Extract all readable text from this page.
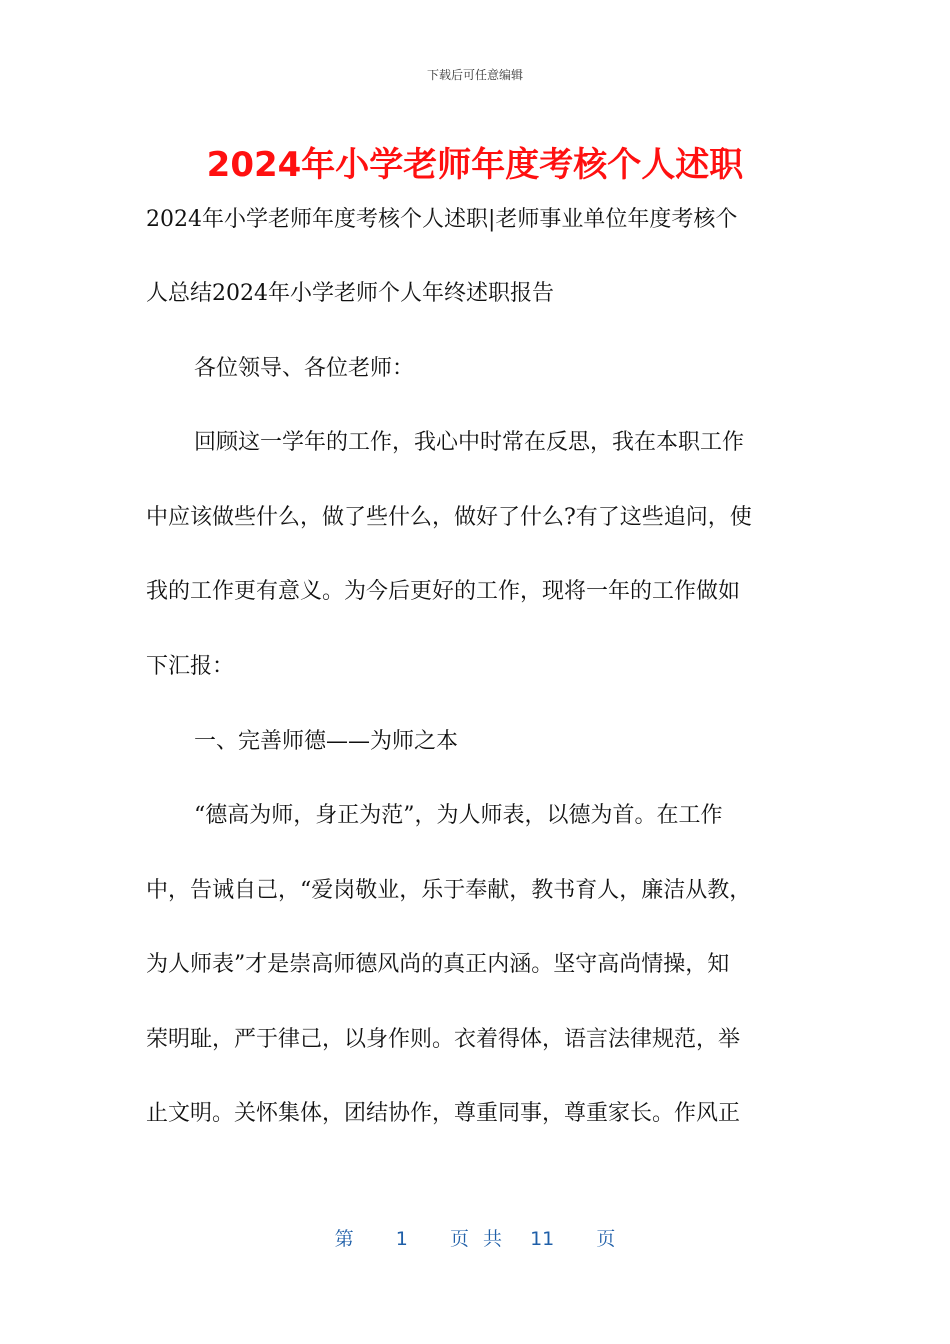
下载后可任意编辑
2024年小学老师年度考核个人述职
2024年小学老师年度考核个人述职|老师事业单位年度考核个
人总结2024年小学老师个人年终述职报告
各位领导、各位老师：
回顾这一学年的工作，我心中时常在反思，我在本职工作
中应该做些什么，做了些什么，做好了什么?有了这些追问，使
我的工作更有意义。为今后更好的工作，现将一年的工作做如
下汇报：
一、完善师德——为师之本
“德高为师，身正为范”，为人师表，以德为首。在工作
中，告诫自己，“爱岗敬业，乐于奉献，教书育人，廉洁从教，
为人师表”才是崇高师德风尚的真正内涵。坚守高尚情操，知
荣明耻，严于律己，以身作则。衣着得体，语言法律规范，举
止文明。关怀集体，团结协作，尊重同事，尊重家长。作风正
第   1   页 共  11   页
